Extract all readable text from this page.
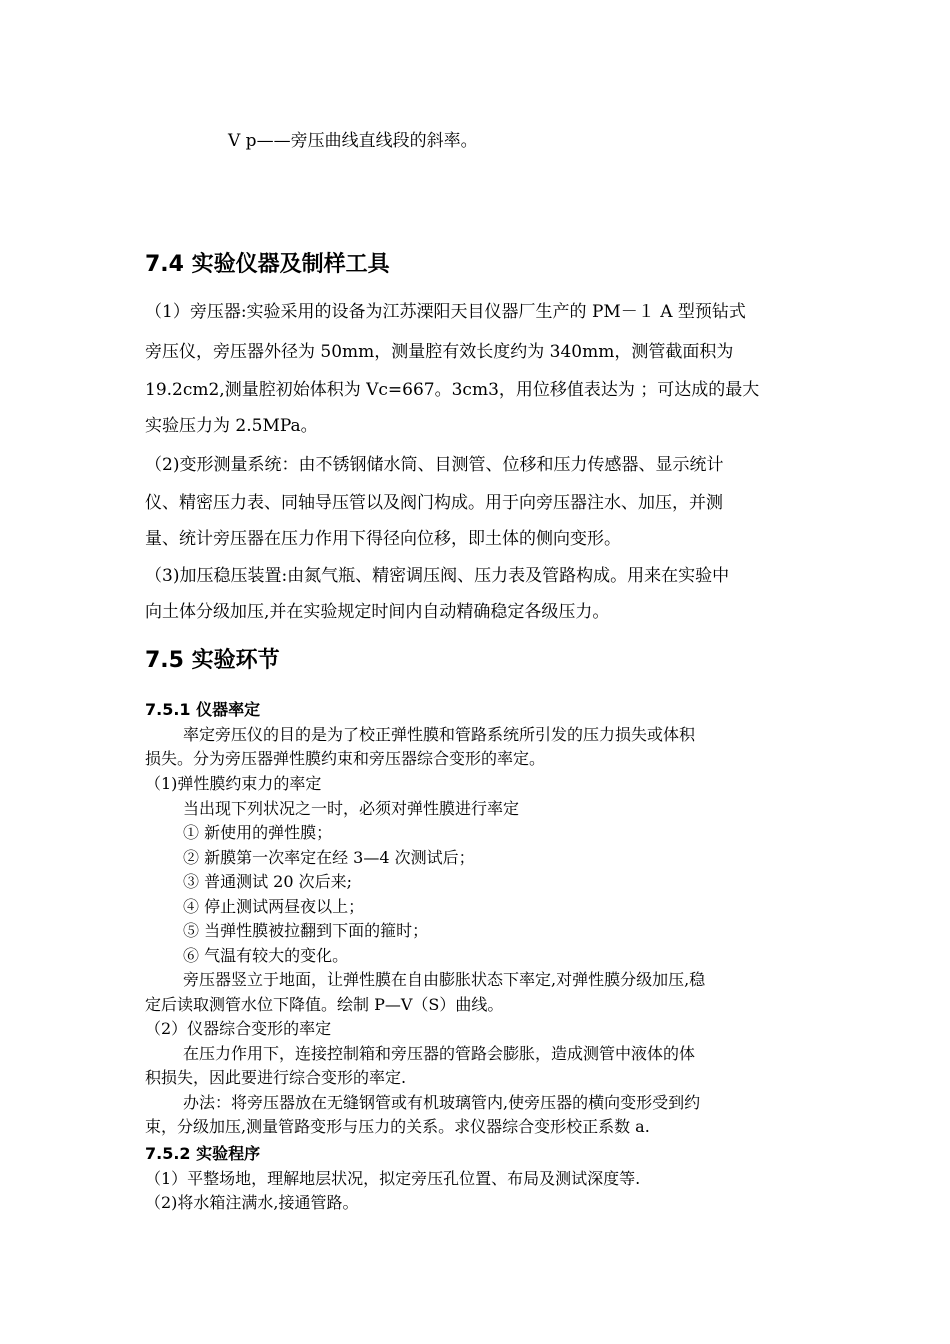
V p——旁压曲线直线段的斜率。

7.4 实验仪器及制样工具

（1）旁压器:实验采用的设备为江苏溧阳天目仪器厂生产的 PM－１ A 型预钻式

旁压仪，旁压器外径为 50mm，测量腔有效长度约为 340mm，测管截面积为

19.2cm2,测量腔初始体积为 Vc=667。3cm3，用位移值表达为 ；可达成的最大

实验压力为 2.5MPa。

（2)变形测量系统：由不锈钢储水筒、目测管、位移和压力传感器、显示统计

仪、精密压力表、同轴导压管以及阀门构成。用于向旁压器注水、加压，并测

量、统计旁压器在压力作用下得径向位移，即土体的侧向变形。

（3)加压稳压装置:由氮气瓶、精密调压阀、压力表及管路构成。用来在实验中

向土体分级加压,并在实验规定时间内自动精确稳定各级压力。

7.5 实验环节
7.5.1 仪器率定

率定旁压仪的目的是为了校正弹性膜和管路系统所引发的压力损失或体积

损失。分为旁压器弹性膜约束和旁压器综合变形的率定。

（1)弹性膜约束力的率定

当出现下列状况之一时，必须对弹性膜进行率定

① 新使用的弹性膜；

② 新膜第一次率定在经 3—4 次测试后；

③ 普通测试 20 次后来;

④ 停止测试两昼夜以上；

⑤ 当弹性膜被拉翻到下面的箍时；

⑥ 气温有较大的变化。

旁压器竖立于地面，让弹性膜在自由膨胀状态下率定,对弹性膜分级加压,稳

定后读取测管水位下降值。绘制 P—V（S）曲线。

（2）仪器综合变形的率定

在压力作用下，连接控制箱和旁压器的管路会膨胀，造成测管中液体的体

积损失，因此要进行综合变形的率定.

办法：将旁压器放在无缝钢管或有机玻璃管内,使旁压器的横向变形受到约

束，分级加压,测量管路变形与压力的关系。求仪器综合变形校正系数 a.

7.5.2 实验程序

（1）平整场地，理解地层状况，拟定旁压孔位置、布局及测试深度等.

（2)将水箱注满水,接通管路。
